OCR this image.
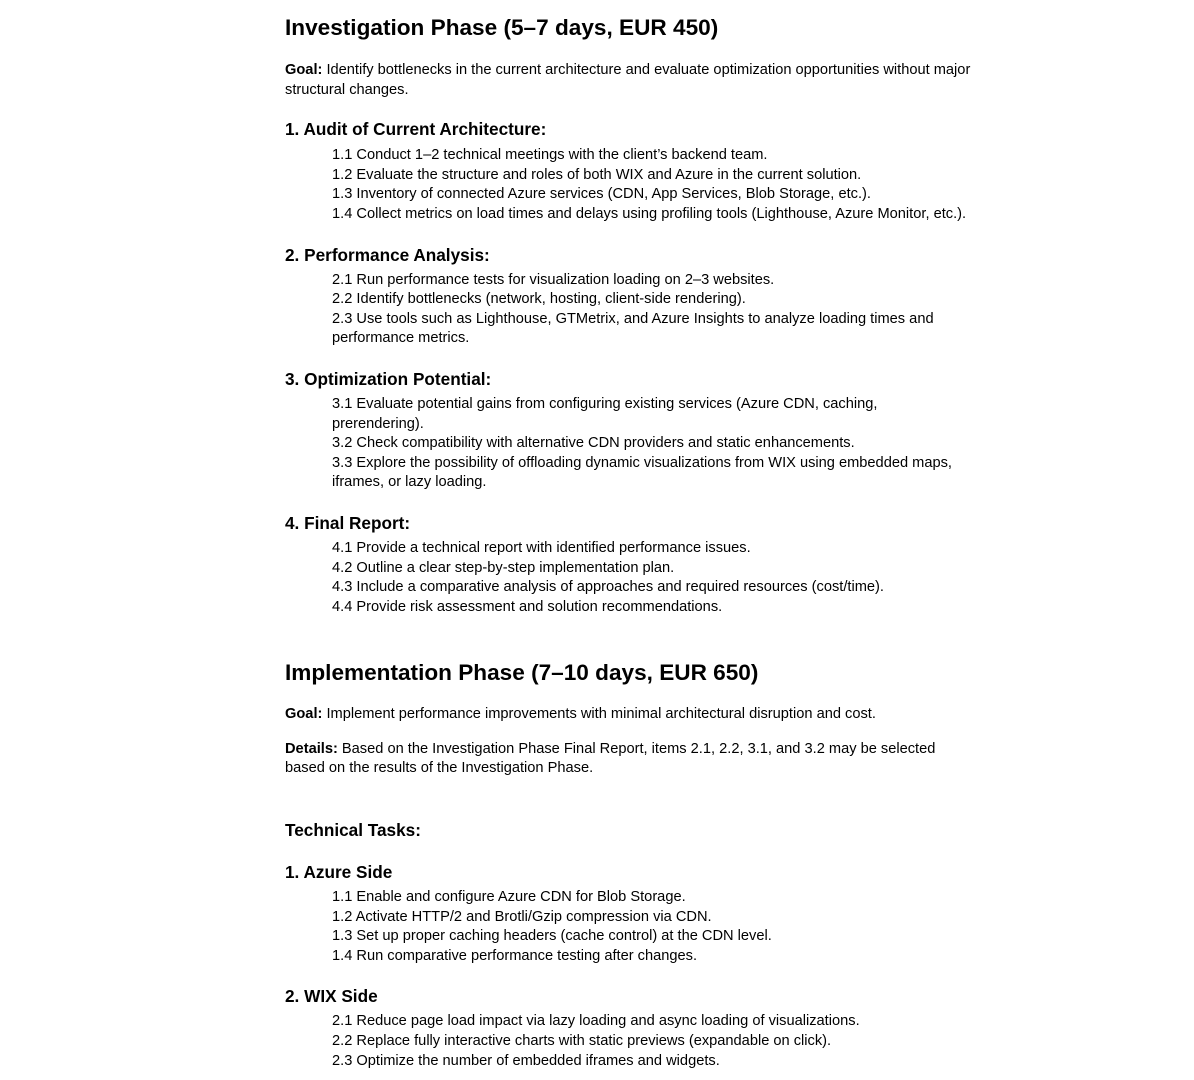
Investigation Phase (5–7 days, EUR 450)
Goal: Identify bottlenecks in the current architecture and evaluate optimization opportunities without major structural changes.
1. Audit of Current Architecture:
1.1 Conduct 1–2 technical meetings with the client’s backend team.
1.2 Evaluate the structure and roles of both WIX and Azure in the current solution.
1.3 Inventory of connected Azure services (CDN, App Services, Blob Storage, etc.).
1.4 Collect metrics on load times and delays using profiling tools (Lighthouse, Azure Monitor, etc.).
2. Performance Analysis:
2.1 Run performance tests for visualization loading on 2–3 websites.
2.2 Identify bottlenecks (network, hosting, client-side rendering).
2.3 Use tools such as Lighthouse, GTMetrix, and Azure Insights to analyze loading times and performance metrics.
3. Optimization Potential:
3.1 Evaluate potential gains from configuring existing services (Azure CDN, caching, prerendering).
3.2 Check compatibility with alternative CDN providers and static enhancements.
3.3 Explore the possibility of offloading dynamic visualizations from WIX using embedded maps, iframes, or lazy loading.
4. Final Report:
4.1 Provide a technical report with identified performance issues.
4.2 Outline a clear step-by-step implementation plan.
4.3 Include a comparative analysis of approaches and required resources (cost/time).
4.4 Provide risk assessment and solution recommendations.
Implementation Phase (7–10 days, EUR 650)
Goal: Implement performance improvements with minimal architectural disruption and cost.
Details: Based on the Investigation Phase Final Report, items 2.1, 2.2, 3.1, and 3.2 may be selected based on the results of the Investigation Phase.
Technical Tasks:
1. Azure Side
1.1 Enable and configure Azure CDN for Blob Storage.
1.2 Activate HTTP/2 and Brotli/Gzip compression via CDN.
1.3 Set up proper caching headers (cache control) at the CDN level.
1.4 Run comparative performance testing after changes.
2. WIX Side
2.1 Reduce page load impact via lazy loading and async loading of visualizations.
2.2 Replace fully interactive charts with static previews (expandable on click).
2.3 Optimize the number of embedded iframes and widgets.
